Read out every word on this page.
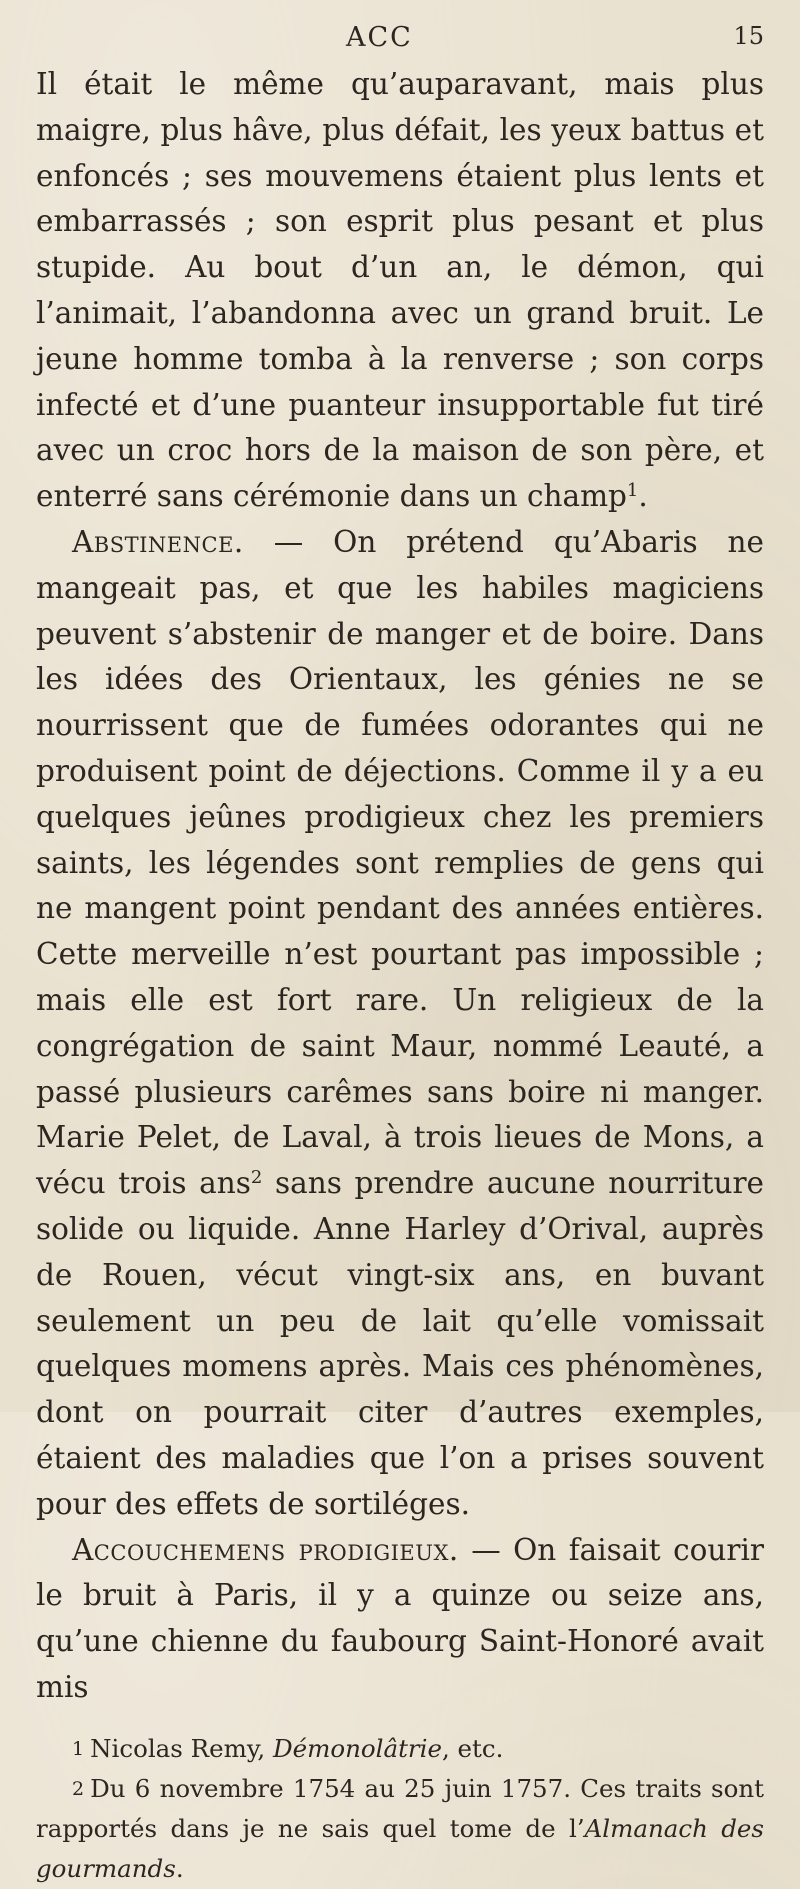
ACC	15

Il était le même qu’auparavant, mais plus maigre, plus hâve, plus défait, les yeux battus et enfoncés ; ses mouvemens étaient plus lents et embarrassés ; son esprit plus pesant et plus stupide. Au bout d’un an, le démon, qui l’animait, l’abandonna avec un grand bruit. Le jeune homme tomba à la renverse ; son corps infecté et d’une puanteur insupportable fut tiré avec un croc hors de la maison de son père, et enterré sans cérémonie dans un champ$^1$.

Abstinence. — On prétend qu’Abaris ne mangeait pas, et que les habiles magiciens peuvent s’abstenir de manger et de boire. Dans les idées des Orientaux, les génies ne se nourrissent que de fumées odorantes qui ne produisent point de déjections. Comme il y a eu quelques jeûnes prodigieux chez les premiers saints, les légendes sont remplies de gens qui ne mangent point pendant des années entières. Cette merveille n’est pourtant pas impossible ; mais elle est fort rare. Un religieux de la congrégation de saint Maur, nommé Leauté, a passé plusieurs carêmes sans boire ni manger. Marie Pelet, de Laval, à trois lieues de Mons, a vécu trois ans$^2$ sans prendre aucune nourriture solide ou liquide. Anne Harley d’Orival, auprès de Rouen, vécut vingt-six ans, en buvant seulement un peu de lait qu’elle vomissait quelques momens après. Mais ces phénomènes, dont on pourrait citer d’autres exemples, étaient des maladies que l’on a prises souvent pour des effets de sortiléges.

Accouchemens prodigieux. — On faisait courir le bruit à Paris, il y a quinze ou seize ans, qu’une chienne du faubourg Saint-Honoré avait mis

1 Nicolas Remy, Démonolâtrie, etc.

2 Du 6 novembre 1754 au 25 juin 1757. Ces traits sont rapportés dans je ne sais quel tome de l’Almanach des gourmands.
